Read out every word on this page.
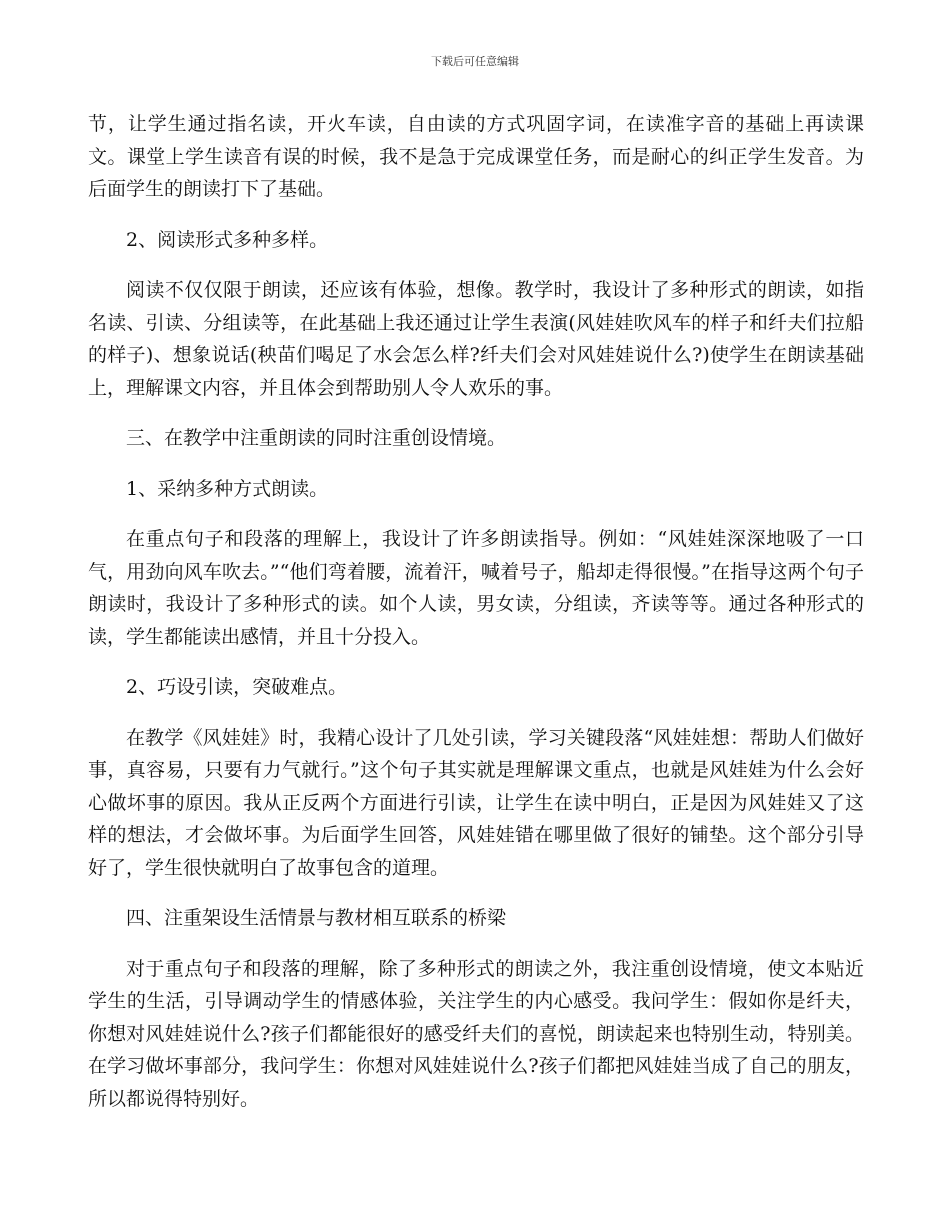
下载后可任意编辑

节，让学生通过指名读，开火车读，自由读的方式巩固字词，在读准字音的基础上再读课文。课堂上学生读音有误的时候，我不是急于完成课堂任务，而是耐心的纠正学生发音。为后面学生的朗读打下了基础。

2、阅读形式多种多样。

阅读不仅仅限于朗读，还应该有体验，想像。教学时，我设计了多种形式的朗读，如指名读、引读、分组读等，在此基础上我还通过让学生表演(风娃娃吹风车的样子和纤夫们拉船的样子)、想象说话(秧苗们喝足了水会怎么样?纤夫们会对风娃娃说什么?)使学生在朗读基础上，理解课文内容，并且体会到帮助别人令人欢乐的事。

三、在教学中注重朗读的同时注重创设情境。

1、采纳多种方式朗读。

在重点句子和段落的理解上，我设计了许多朗读指导。例如：“风娃娃深深地吸了一口气，用劲向风车吹去。”“他们弯着腰，流着汗，喊着号子，船却走得很慢。”在指导这两个句子朗读时，我设计了多种形式的读。如个人读，男女读，分组读，齐读等等。通过各种形式的读，学生都能读出感情，并且十分投入。

2、巧设引读，突破难点。

在教学《风娃娃》时，我精心设计了几处引读，学习关键段落“风娃娃想：帮助人们做好事，真容易，只要有力气就行。”这个句子其实就是理解课文重点，也就是风娃娃为什么会好心做坏事的原因。我从正反两个方面进行引读，让学生在读中明白，正是因为风娃娃又了这样的想法，才会做坏事。为后面学生回答，风娃娃错在哪里做了很好的铺垫。这个部分引导好了，学生很快就明白了故事包含的道理。

四、注重架设生活情景与教材相互联系的桥梁

对于重点句子和段落的理解，除了多种形式的朗读之外，我注重创设情境，使文本贴近学生的生活，引导调动学生的情感体验，关注学生的内心感受。我问学生：假如你是纤夫，你想对风娃娃说什么?孩子们都能很好的感受纤夫们的喜悦，朗读起来也特别生动，特别美。在学习做坏事部分，我问学生：你想对风娃娃说什么?孩子们都把风娃娃当成了自己的朋友，所以都说得特别好。
